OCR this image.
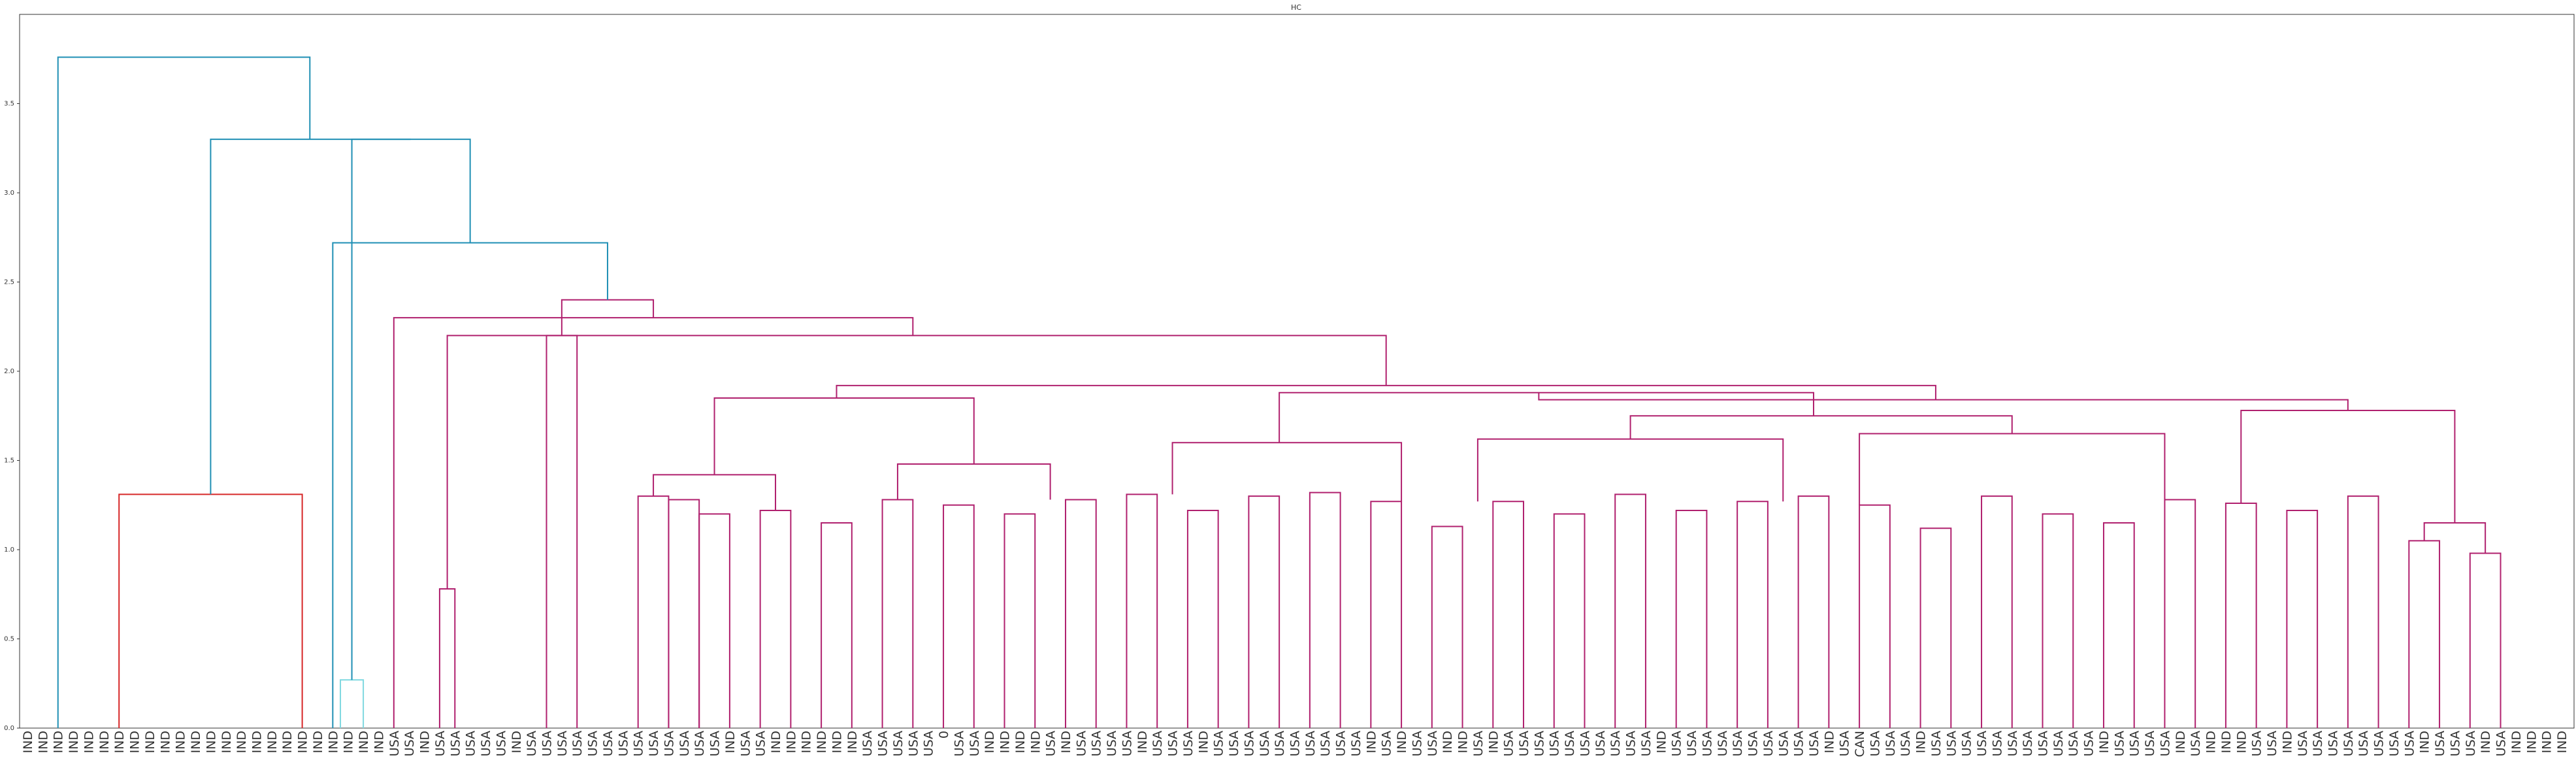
HC
0.0
0.5
1.0
1.5
2.0
2.5
3.0
3.5
IND IND IND IND IND IND IND IND IND IND IND IND IND IND IND IND IND IND IND IND IND IND IND IND USA USA IND USA USA USA USA USA IND USA USA USA USA USA USA USA USA USA USA USA USA USA IND USA USA IND IND IND IND IND IND USA USA USA USA USA 0 USA USA IND IND IND IND USA IND USA USA USA USA IND USA USA USA IND USA USA USA USA USA USA USA USA USA USA IND USA IND USA USA IND IND USA IND USA USA USA USA USA USA USA USA USA USA IND USA USA USA USA USA USA USA USA USA USA IND USA CAN USA USA USA IND USA USA USA USA USA USA USA USA USA USA USA IND USA USA USA USA IND USA IND IND IND USA USA IND USA USA USA USA USA USA USA USA IND USA USA USA IND USA IND IND IND IND
